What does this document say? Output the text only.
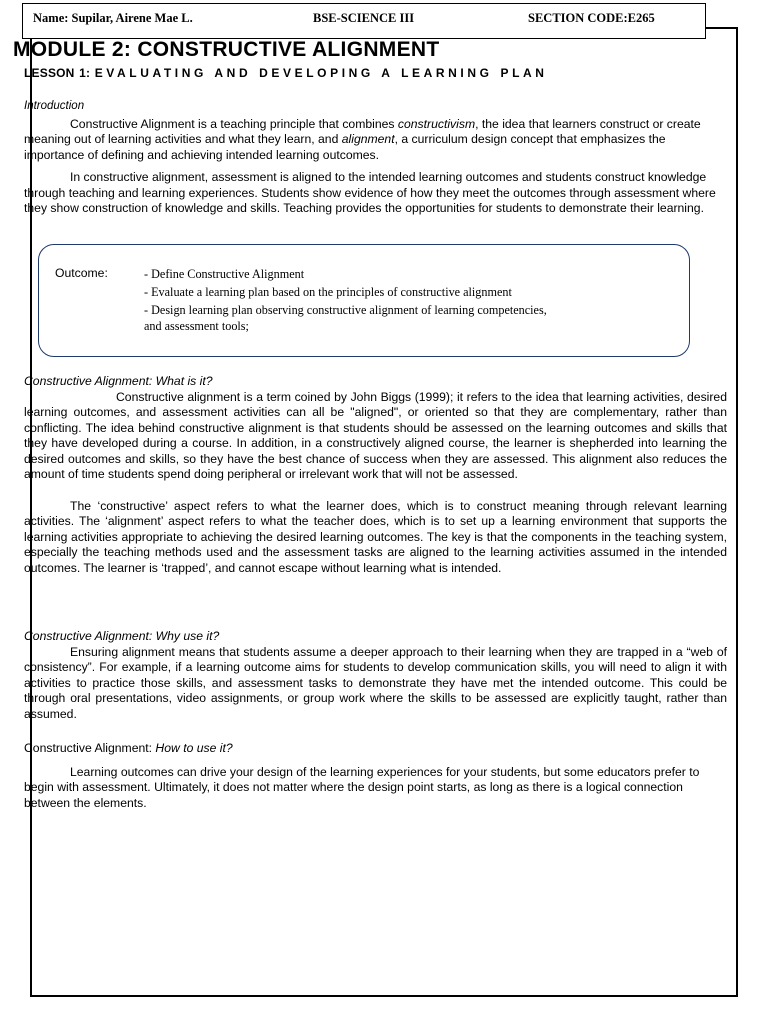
Name: Supilar, Airene Mae L.	BSE-SCIENCE III	SECTION CODE:E265
MODULE 2: CONSTRUCTIVE ALIGNMENT
LESSON 1: EVALUATING AND DEVELOPING A LEARNING PLAN
Introduction
Constructive Alignment is a teaching principle that combines constructivism, the idea that learners construct or create meaning out of learning activities and what they learn, and alignment, a curriculum design concept that emphasizes the importance of defining and achieving intended learning outcomes.
In constructive alignment, assessment is aligned to the intended learning outcomes and students construct knowledge through teaching and learning experiences. Students show evidence of how they meet the outcomes through assessment where they show construction of knowledge and skills. Teaching provides the opportunities for students to demonstrate their learning.
Outcome:	- Define Constructive Alignment
- Evaluate a learning plan based on the principles of constructive alignment
- Design learning plan observing constructive alignment of learning competencies,
and assessment tools;
Constructive Alignment: What is it?
Constructive alignment is a term coined by John Biggs (1999); it refers to the idea that learning activities, desired learning outcomes, and assessment activities can all be "aligned", or oriented so that they are complementary, rather than conflicting. The idea behind constructive alignment is that students should be assessed on the learning outcomes and skills that they have developed during a course. In addition, in a constructively aligned course, the learner is shepherded into learning the desired outcomes and skills, so they have the best chance of success when they are assessed. This alignment also reduces the amount of time students spend doing peripheral or irrelevant work that will not be assessed.
The ‘constructive’ aspect refers to what the learner does, which is to construct meaning through relevant learning activities. The ‘alignment’ aspect refers to what the teacher does, which is to set up a learning environment that supports the learning activities appropriate to achieving the desired learning outcomes. The key is that the components in the teaching system, especially the teaching methods used and the assessment tasks are aligned to the learning activities assumed in the intended outcomes. The learner is ‘trapped’, and cannot escape without learning what is intended.
Constructive Alignment: Why use it?
Ensuring alignment means that students assume a deeper approach to their learning when they are trapped in a “web of consistency”. For example, if a learning outcome aims for students to develop communication skills, you will need to align it with activities to practice those skills, and assessment tasks to demonstrate they have met the intended outcome. This could be through oral presentations, video assignments, or group work where the skills to be assessed are explicitly taught, rather than assumed.
Constructive Alignment: How to use it?
Learning outcomes can drive your design of the learning experiences for your students, but some educators prefer to begin with assessment. Ultimately, it does not matter where the design point starts, as long as there is a logical connection between the elements.
